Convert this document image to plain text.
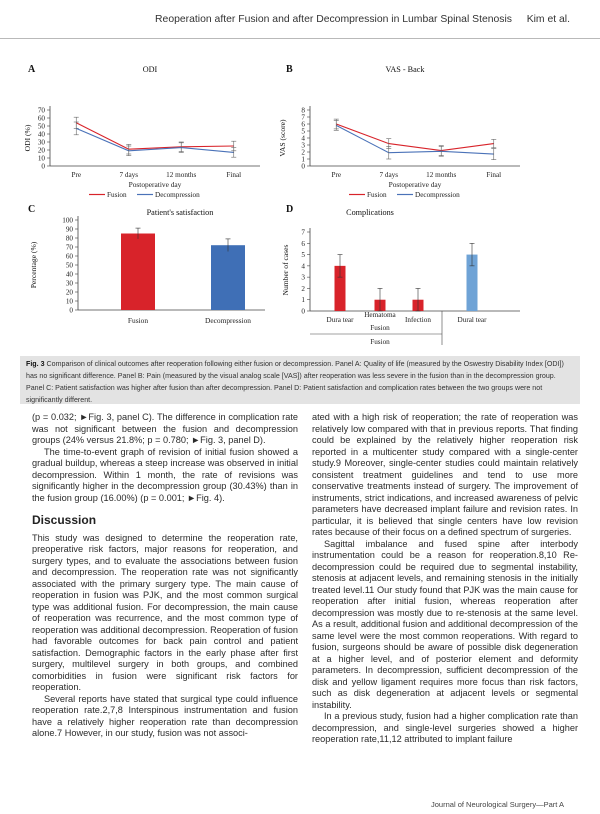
Reoperation after Fusion and after Decompression in Lumbar Spinal Stenosis Kim et al.
0
10
20
30
40
50
60
70
A	ODI
ODI (%)
Pre	7 days	12 months	Final
Postoperative day
Fusion	Decompression
0
1
2
3
4
5
6
7
8
B	VAS - Back
VAS (score)
Pre	7 days	12 months	Final
Postoperative day
Fusion	Decompression
0
10
20
30
40
50
60
70
80
90
100
C	Patient's satisfaction
Percentage (%)
Fusion	Decompression
0
1
2
3
4
5
6
7
D	Complications
Number of cases
Dura tear
Hematoma
Infection	Dural tear
Fusion
Fusion
Fig. 3 Comparison of clinical outcomes after reoperation following either fusion or decompression. Panel A: Quality of life (measured by the Oswestry Disability Index [ODI]) has no significant difference. Panel B: Pain (measured by the visual analog scale [VAS]) after reoperation was less severe in the fusion than in the decompression group. Panel C: Patient satisfaction was higher after fusion than after decompression. Panel D: Patient satisfaction and complication rates between the two groups were not significantly different.

(p = 0.032; ►Fig. 3, panel C). The difference in complication rate was not significant between the fusion and decompression groups (24% versus 21.8%; p = 0.780; ►Fig. 3, panel D).

The time-to-event graph of revision of initial fusion showed a gradual buildup, whereas a steep increase was observed in initial decompression. Within 1 month, the rate of revisions was significantly higher in the decompression group (30.43%) than in the fusion group (16.00%) (p = 0.001; ►Fig. 4).

Discussion

This study was designed to determine the reoperation rate, preoperative risk factors, major reasons for reoperation, and surgery types, and to evaluate the associations between fusion and decompression. The reoperation rate was not significantly associated with the primary surgery type. The main cause of reoperation in fusion was PJK, and the most common surgical type was additional fusion. For decompression, the main cause of reoperation was recurrence, and the most common type of reoperation was additional decompression. Reoperation of fusion had favorable outcomes for back pain control and patient satisfaction. Demographic factors in the early phase after first surgery, multilevel surgery in both groups, and combined comorbidities in fusion were significant risk factors for reoperation.

Several reports have stated that surgical type could influence reoperation rate.2,7,8 Interspinous instrumentation and fusion have a relatively higher reoperation rate than decompression alone.7 However, in our study, fusion was not associ-

ated with a high risk of reoperation; the rate of reoperation was relatively low compared with that in previous reports. That finding could be explained by the relatively higher reoperation risk reported in a multicenter study compared with a single-center study.9 Moreover, single-center studies could maintain relatively consistent treatment guidelines and tend to use more conservative treatments instead of surgery. The improvement of instruments, strict indications, and increased awareness of pelvic parameters have decreased implant failure and revision rates. In particular, it is believed that single centers have low revision rates because of their focus on a defined spectrum of surgeries.

Sagittal imbalance and fused spine after interbody instrumentation could be a reason for reoperation.8,10 Re-decompression could be required due to segmental instability, stenosis at adjacent levels, and remaining stenosis in the initially treated level.11 Our study found that PJK was the main cause for reoperation after initial fusion, whereas reoperation after decompression was mostly due to re-stenosis at the same level. As a result, additional fusion and additional decompression of the same level were the most common reoperations. With regard to fusion, surgeons should be aware of possible disk degeneration at a higher level, and of posterior element and deformity parameters. In decompression, sufficient decompression of the disk and yellow ligament requires more focus than risk factors, such as disk degeneration at adjacent levels or segmental instability.

In a previous study, fusion had a higher complication rate than decompression, and single-level surgeries showed a higher reoperation rate,11,12 attributed to implant failure

Journal of Neurological Surgery—Part A
